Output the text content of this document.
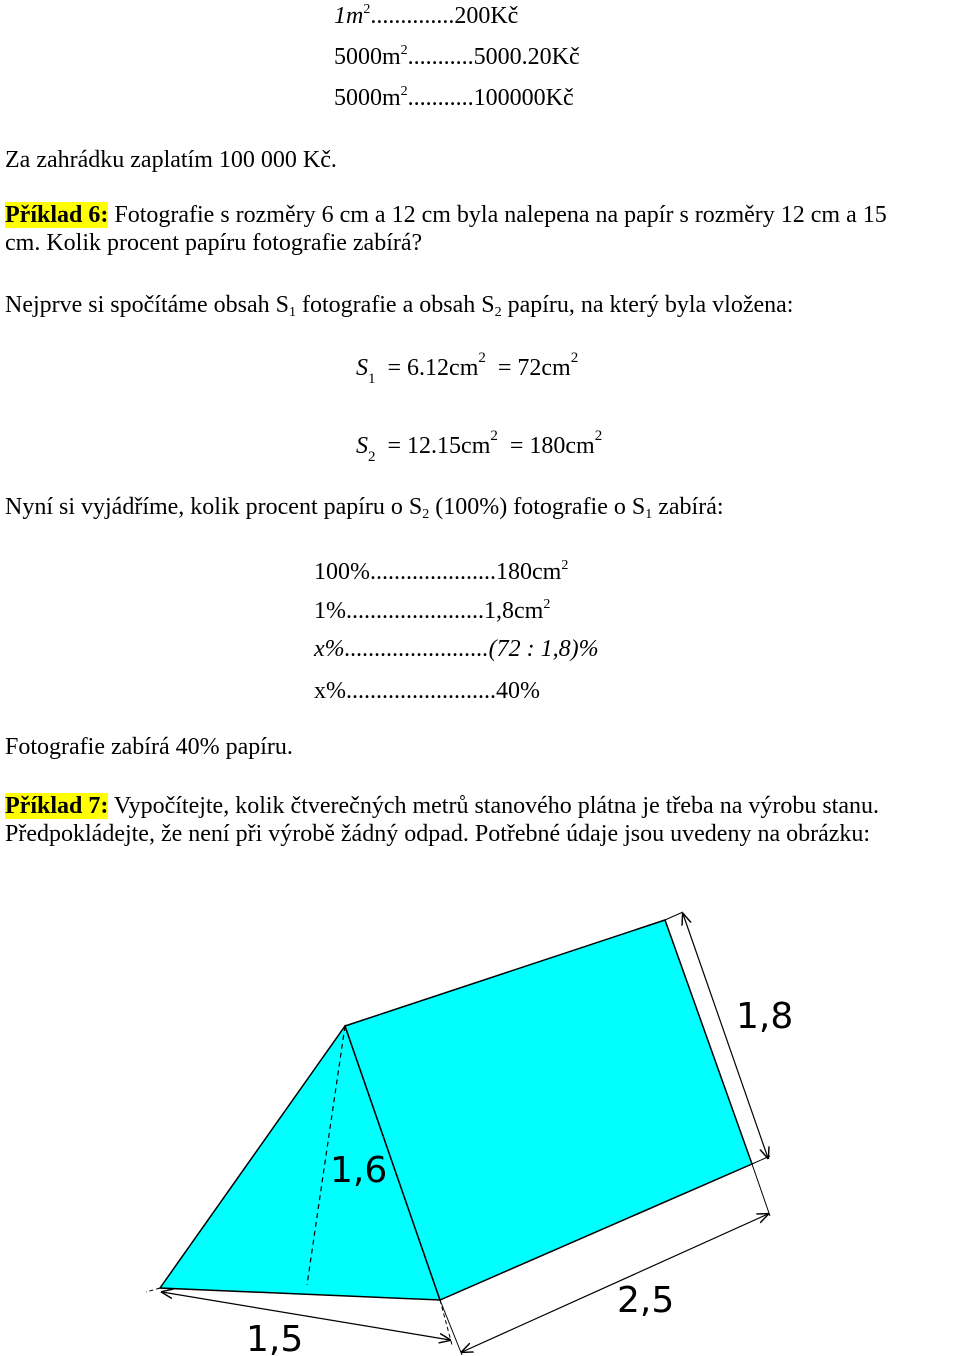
$1m^2..............200Kč$
$5000m^2...........5000.20Kč$
$5000m^2...........100000Kč$
Za zahrádku zaplatím 100 000 Kč.
Příklad 6: Fotografie s rozměry 6 cm a 12 cm byla nalepena na papír s rozměry 12 cm a 15
cm. Kolik procent papíru fotografie zabírá?
Nejprve si spočítáme obsah $S_1$ fotografie a obsah $S_2$ papíru, na který byla vložena:
$S_1 = 6.12cm^2 = 72cm^2$
$S_2 = 12.15cm^2 = 180cm^2$
Nyní si vyjádříme, kolik procent papíru o $S_2$ (100%) fotografie o $S_1$ zabírá:
$100\%.....................180cm^2$
$1\%.......................1,8cm^2$
x%........................(72 : 1,8)%
x%.........................40%
Fotografie zabírá 40% papíru.
Příklad 7: Vypočítejte, kolik čtverečných metrů stanového plátna je třeba na výrobu stanu.
Předpokládejte, že není při výrobě žádný odpad. Potřebné údaje jsou uvedeny na obrázku:
1,8
1,6
2,5
1,5
